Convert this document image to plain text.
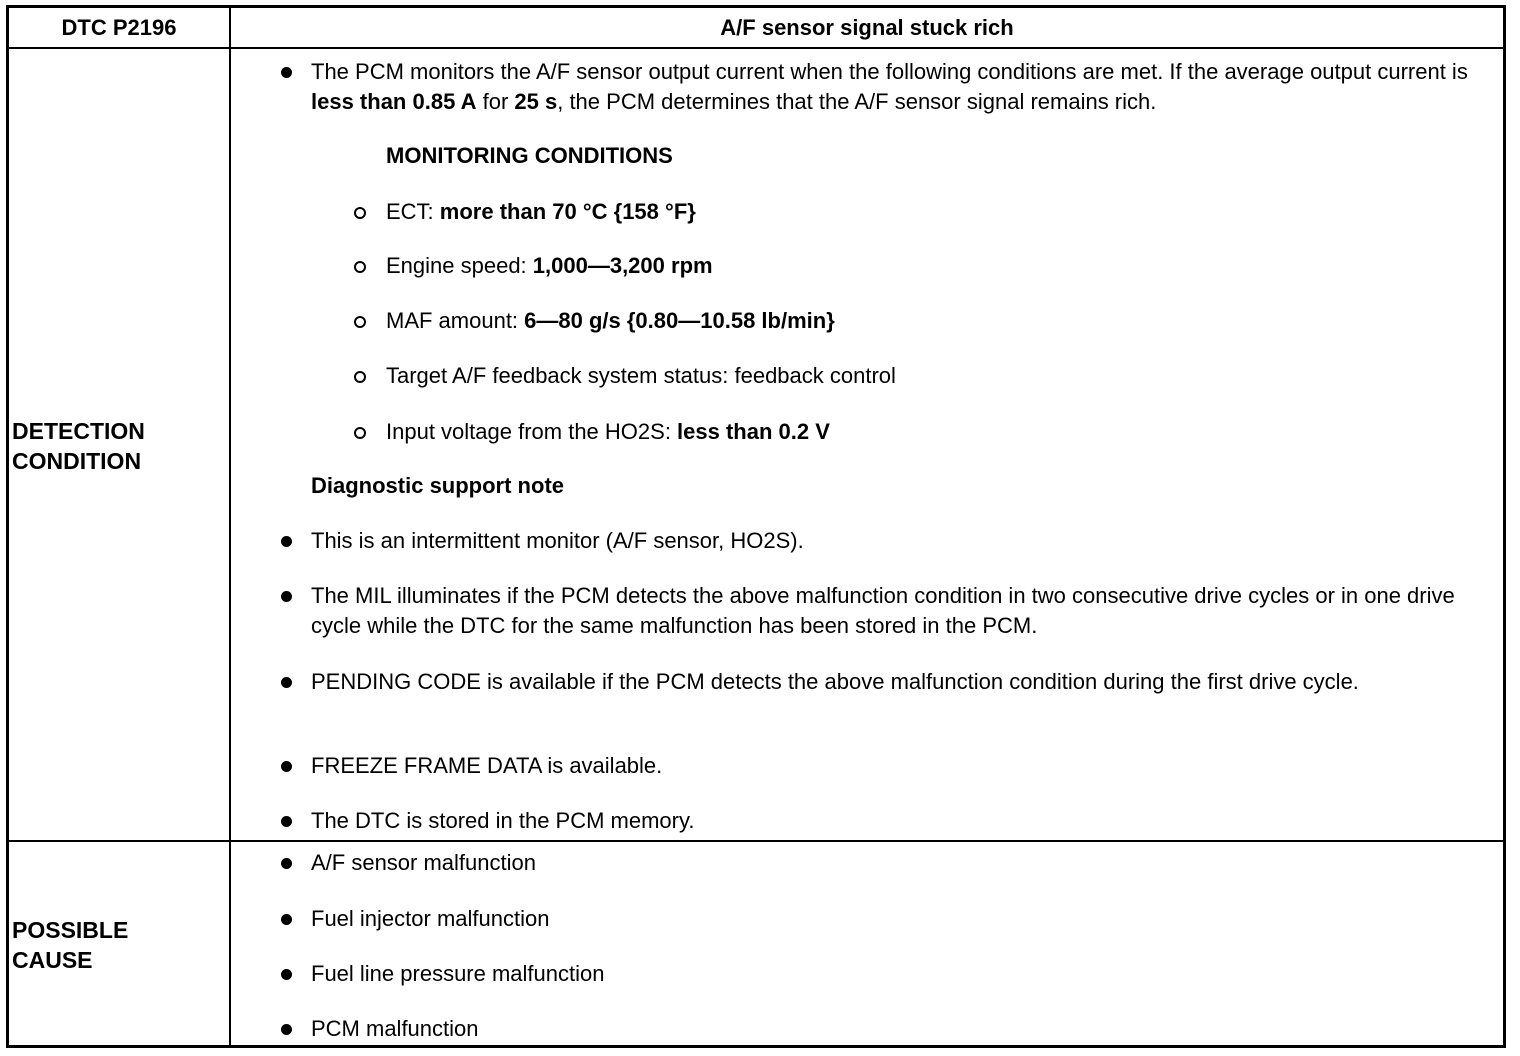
DTC P2196	A/F sensor signal stuck rich
DETECTION
CONDITION
The PCM monitors the A/F sensor output current when the following conditions are met. If the average output current is less than 0.85 A for 25 s, the PCM determines that the A/F sensor signal remains rich.
MONITORING CONDITIONS
ECT: more than 70 °C {158 °F}
Engine speed: 1,000—3,200 rpm
MAF amount: 6—80 g/s {0.80—10.58 lb/min}
Target A/F feedback system status: feedback control
Input voltage from the HO2S: less than 0.2 V
Diagnostic support note
This is an intermittent monitor (A/F sensor, HO2S).
The MIL illuminates if the PCM detects the above malfunction condition in two consecutive drive cycles or in one drive cycle while the DTC for the same malfunction has been stored in the PCM.
PENDING CODE is available if the PCM detects the above malfunction condition during the first drive cycle.
FREEZE FRAME DATA is available.
The DTC is stored in the PCM memory.
POSSIBLE
CAUSE
A/F sensor malfunction
Fuel injector malfunction
Fuel line pressure malfunction
PCM malfunction
